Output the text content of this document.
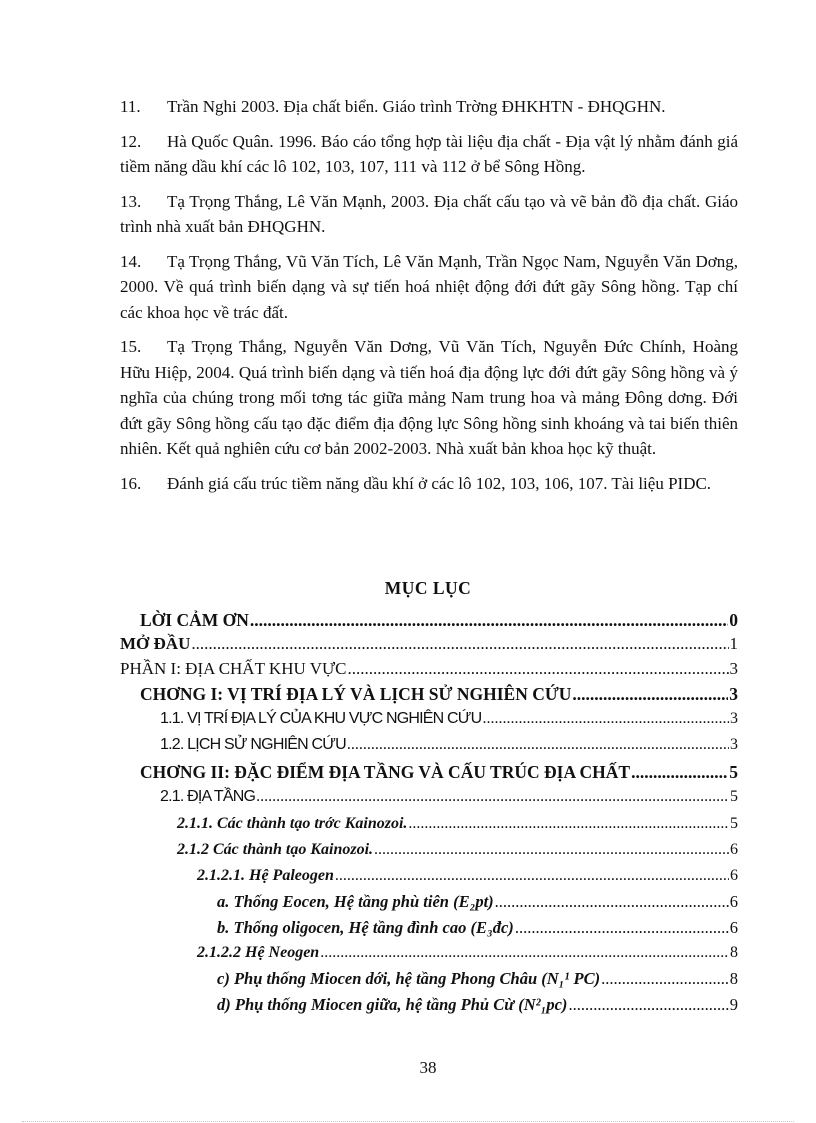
11. Trần Nghi 2003. Địa chất biển. Giáo trình Trờng ĐHKHTN - ĐHQGHN.

12. Hà Quốc Quân. 1996. Báo cáo tổng hợp tài liệu địa chất - Địa vật lý nhằm đánh giá tiềm năng dầu khí các lô 102, 103, 107, 111 và 112 ở bể Sông Hồng.

13. Tạ Trọng Thắng, Lê Văn Mạnh, 2003. Địa chất cấu tạo và vẽ bản đồ địa chất. Giáo trình nhà xuất bản ĐHQGHN.

14. Tạ Trọng Thắng, Vũ Văn Tích, Lê Văn Mạnh, Trần Ngọc Nam, Nguyễn Văn Dơng, 2000. Về quá trình biến dạng và sự tiến hoá nhiệt động đới đứt gãy Sông hồng. Tạp chí các khoa học về trác đất.

15. Tạ Trọng Thắng, Nguyễn Văn Dơng, Vũ Văn Tích, Nguyễn Đức Chính, Hoàng Hữu Hiệp, 2004. Quá trình biến dạng và tiến hoá địa động lực đới đứt gãy Sông hồng và ý nghĩa của chúng trong mối tơng tác giữa mảng Nam trung hoa và mảng Đông dơng. Đới đứt gãy Sông hồng cấu tạo đặc điểm địa động lực Sông hồng sinh khoáng và tai biến thiên nhiên. Kết quả nghiên cứu cơ bản 2002-2003. Nhà xuất bản khoa học kỹ thuật.

16. Đánh giá cấu trúc tiềm năng dầu khí ở các lô 102, 103, 106, 107. Tài liệu PIDC.

MỤC LỤC
LỜI CẢM ƠN .....	0
MỞ ĐẦU .....	1
PHẦN I: ĐỊA CHẤT KHU VỰC .....	3
CHƠNG I: VỊ TRÍ ĐỊA LÝ VÀ LỊCH SỬ NGHIÊN CỨU .....	3
1.1. VỊ TRÍ ĐỊA LÝ CỦA KHU VỰC NGHIÊN CỨU .....	3
1.2. LỊCH SỬ NGHIÊN CỨU .....	3
CHƠNG II: ĐẶC ĐIỂM ĐỊA TẦNG VÀ CẤU TRÚC ĐỊA CHẤT .....	5
2.1. ĐỊA TẦNG .....	5
2.1.1. Các thành tạo trớc Kainozoi. .....	5
2.1.2 Các thành tạo Kainozoi. .....	6
2.1.2.1. Hệ Paleogen .....	6
a. Thống Eocen, Hệ tầng phù tiên (E₂pt) .....	6
b. Thống oligocen, Hệ tầng đình cao (E₃đc) .....	6
2.1.2.2 Hệ Neogen .....	8
c) Phụ thống Miocen dới, hệ tầng Phong Châu (N₁¹ PC) .....	8
d) Phụ thống Miocen giữa, hệ tầng Phủ Cừ (N²₁pc) .....	9
38
